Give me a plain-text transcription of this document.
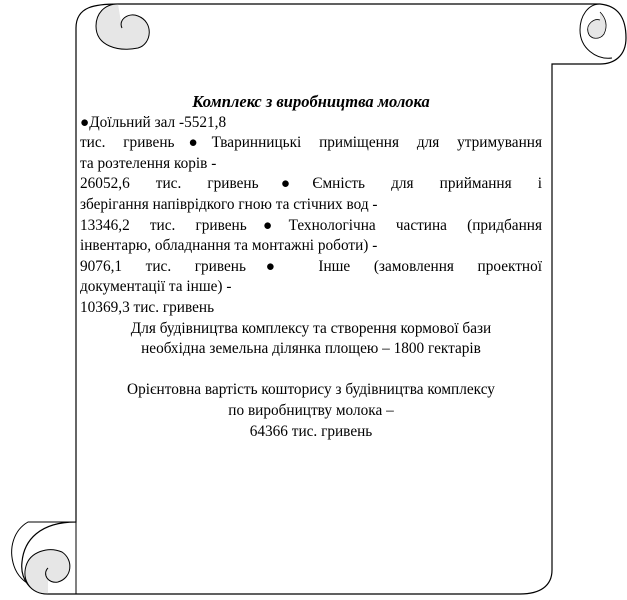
Комплекс з виробництва молока

●Доїльний зал -5521,8

тис. гривень●Тваринницькі приміщення для утримування

та розтелення корів -

26052,6 тис. гривень●Ємність для приймання і

зберігання напіврідкого гною та стічних вод -

13346,2 тис. гривень●Технологічна частина (придбання

інвентарю, обладнання та монтажні роботи) -

9076,1 тис. гривень● Інше (замовлення проектної

документації та інше) -

10369,3 тис. гривень

Для будівництва комплексу та створення кормової бази

необхідна земельна ділянка площею – 1800 гектарів

Орієнтовна вартість кошторису з будівництва комплексу

по виробництву молока –

64366 тис. гривень
